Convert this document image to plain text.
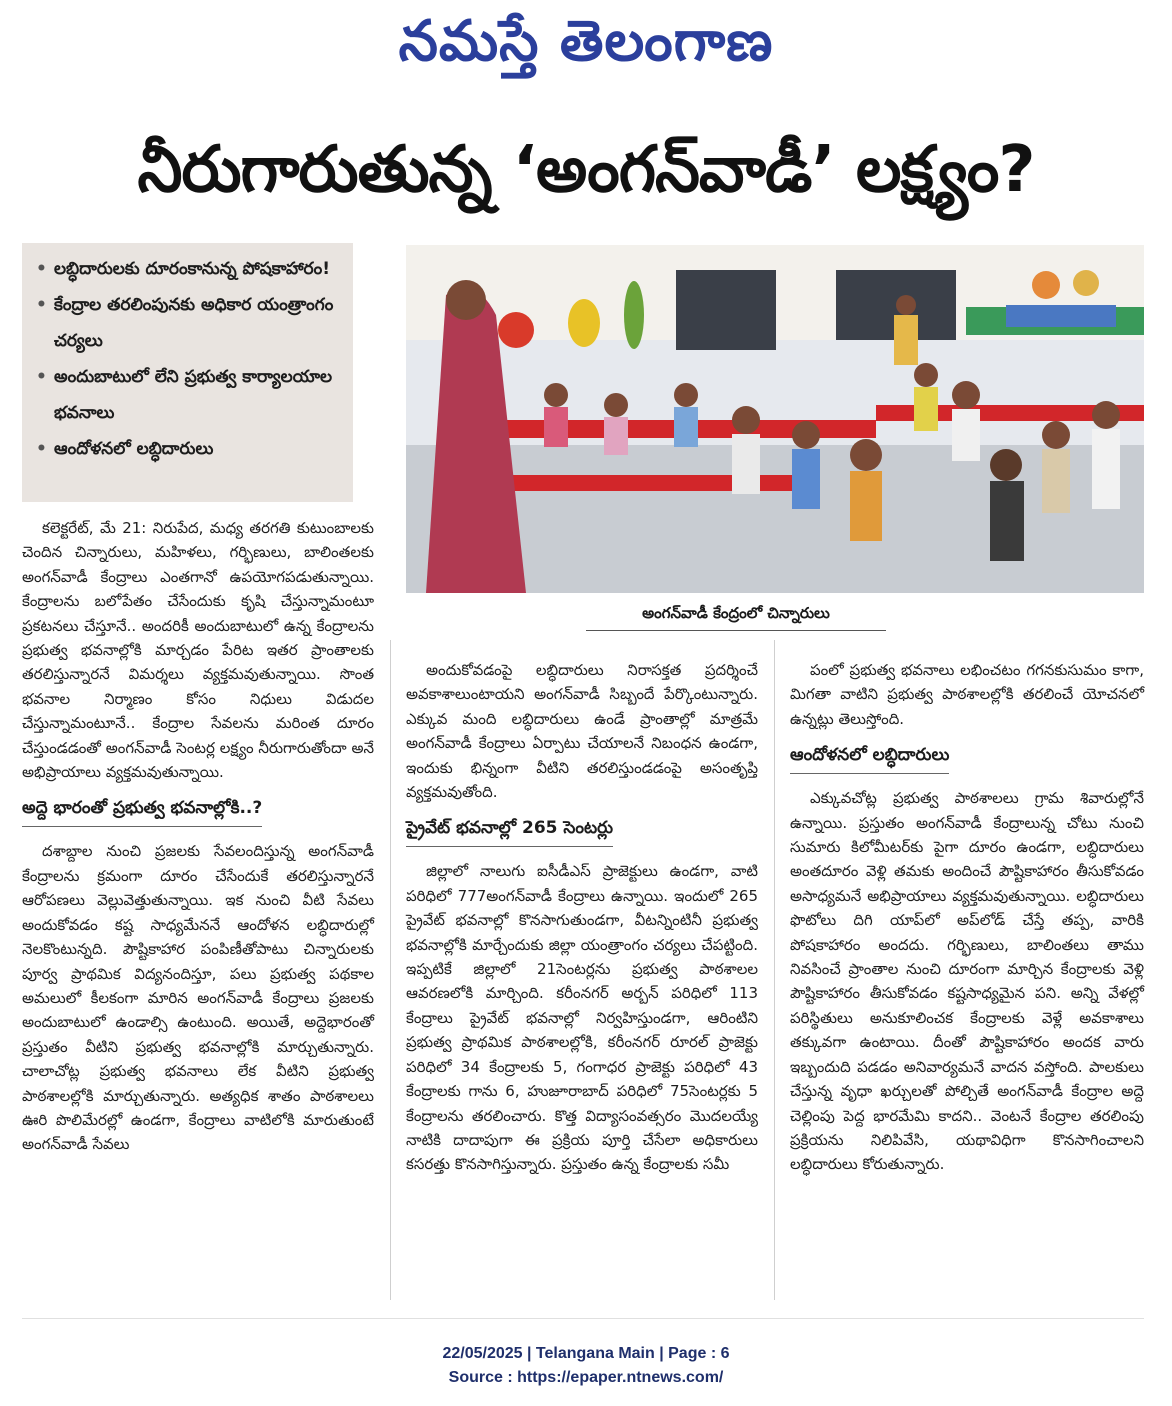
నమస్తే తెలంగాణ
నీరుగారుతున్న ‘అంగన్‌వాడీ’ లక్ష్యం?
• లబ్ధిదారులకు దూరంకానున్న పోషకాహారం!
• కేంద్రాల తరలింపునకు అధికార యంత్రాంగం చర్యలు
• అందుబాటులో లేని ప్రభుత్వ కార్యాలయాల భవనాలు
• ఆందోళనలో లబ్ధిదారులు
అంగన్‌వాడీ కేంద్రంలో చిన్నారులు

కలెక్టరేట్, మే 21: నిరుపేద, మధ్య తరగతి కుటుంబాలకు చెందిన చిన్నారులు, మహిళలు, గర్భిణులు, బాలింతలకు అంగన్‌వాడీ కేంద్రాలు ఎంతగానో ఉపయోగపడుతున్నాయి. కేంద్రాలను బలోపేతం చేసేందుకు కృషి చేస్తున్నామంటూ ప్రకటనలు చేస్తూనే.. అందరికీ అందుబాటులో ఉన్న కేంద్రాలను ప్రభుత్వ భవనాల్లోకి మార్చడం పేరిట ఇతర ప్రాంతాలకు తరలిస్తున్నారనే విమర్శలు వ్యక్తమవుతున్నాయి. సొంత భవనాల నిర్మాణం కోసం నిధులు విడుదల చేస్తున్నామంటూనే.. కేంద్రాల సేవలను మరింత దూరం చేస్తుండడంతో అంగన్‌వాడీ సెంటర్ల లక్ష్యం నీరుగారుతోందా అనే అభిప్రాయాలు వ్యక్తమవుతున్నాయి.

అద్దె భారంతో ప్రభుత్వ భవనాల్లోకి..?

దశాబ్దాల నుంచి ప్రజలకు సేవలందిస్తున్న అంగన్‌వాడీ కేంద్రాలను క్రమంగా దూరం చేసేందుకే తరలిస్తున్నారనే ఆరోపణలు వెల్లువెత్తుతున్నాయి. ఇక నుంచి వీటి సేవలు అందుకోవడం కష్ట సాధ్యమేననే ఆందోళన లబ్ధిదారుల్లో నెలకొంటున్నది. పౌష్టికాహార పంపిణీతోపాటు చిన్నారులకు పూర్వ ప్రాథమిక విద్యనందిస్తూ, పలు ప్రభుత్వ పథకాల అమలులో కీలకంగా మారిన అంగన్‌వాడీ కేంద్రాలు ప్రజలకు అందుబాటులో ఉండాల్సి ఉంటుంది. అయితే, అద్దెభారంతో ప్రస్తుతం వీటిని ప్రభుత్వ భవనాల్లోకి మార్చుతున్నారు. చాలాచోట్ల ప్రభుత్వ భవనాలు లేక వీటిని ప్రభుత్వ పాఠశాలల్లోకి మార్చుతున్నారు. అత్యధిక శాతం పాఠశాలలు ఊరి పొలిమేరల్లో ఉండగా, కేంద్రాలు వాటిలోకి మారుతుంటే అంగన్‌వాడీ సేవలు

అందుకోవడంపై లబ్ధిదారులు నిరాసక్తత ప్రదర్శించే అవకాశాలుంటాయని అంగన్‌వాడీ సిబ్బందే పేర్కొంటున్నారు. ఎక్కువ మంది లబ్ధిదారులు ఉండే ప్రాంతాల్లో మాత్రమే అంగన్‌వాడీ కేంద్రాలు ఏర్పాటు చేయాలనే నిబంధన ఉండగా, ఇందుకు భిన్నంగా వీటిని తరలిస్తుండడంపై అసంతృప్తి వ్యక్తమవుతోంది.

ప్రైవేట్ భవనాల్లో 265 సెంటర్లు

జిల్లాలో నాలుగు ఐసీడీఎస్ ప్రాజెక్టులు ఉండగా, వాటి పరిధిలో 777అంగన్‌వాడీ కేంద్రాలు ఉన్నాయి. ఇందులో 265 ప్రైవేట్ భవనాల్లో కొనసాగుతుండగా, వీటన్నింటినీ ప్రభుత్వ భవనాల్లోకి మార్చేందుకు జిల్లా యంత్రాంగం చర్యలు చేపట్టింది. ఇప్పటికే జిల్లాలో 21సెంటర్లను ప్రభుత్వ పాఠశాలల ఆవరణలోకి మార్చింది. కరీంనగర్ అర్బన్ పరిధిలో 113 కేంద్రాలు ప్రైవేట్ భవనాల్లో నిర్వహిస్తుండగా, ఆరింటిని ప్రభుత్వ ప్రాథమిక పాఠశాలల్లోకి, కరీంనగర్ రూరల్ ప్రాజెక్టు పరిధిలో 34 కేంద్రాలకు 5, గంగాధర ప్రాజెక్టు పరిధిలో 43 కేంద్రాలకు గాను 6, హుజూరాబాద్ పరిధిలో 75సెంటర్లకు 5 కేంద్రాలను తరలించారు. కొత్త విద్యాసంవత్సరం మొదలయ్యే నాటికి దాదాపుగా ఈ ప్రక్రియ పూర్తి చేసేలా అధికారులు కసరత్తు కొనసాగిస్తున్నారు. ప్రస్తుతం ఉన్న కేంద్రాలకు సమీ

పంలో ప్రభుత్వ భవనాలు లభించటం గగనకుసుమం కాగా, మిగతా వాటిని ప్రభుత్వ పాఠశాలల్లోకి తరలించే యోచనలో ఉన్నట్లు తెలుస్తోంది.

ఆందోళనలో లబ్ధిదారులు

ఎక్కువచోట్ల ప్రభుత్వ పాఠశాలలు గ్రామ శివారుల్లోనే ఉన్నాయి. ప్రస్తుతం అంగన్‌వాడీ కేంద్రాలున్న చోటు నుంచి సుమారు కిలోమీటర్‌కు పైగా దూరం ఉండగా, లబ్ధిదారులు అంతదూరం వెళ్లి తమకు అందించే పౌష్టికాహారం తీసుకోవడం అసాధ్యమనే అభిప్రాయాలు వ్యక్తమవుతున్నాయి. లబ్ధిదారులు ఫొటోలు దిగి యాప్‌లో అప్‌లోడ్ చేస్తే తప్ప, వారికి పోషకాహారం అందదు. గర్భిణులు, బాలింతలు తాము నివసించే ప్రాంతాల నుంచి దూరంగా మార్చిన కేంద్రాలకు వెళ్లి పౌష్టికాహారం తీసుకోవడం కష్టసాధ్యమైన పని. అన్ని వేళల్లో పరిస్థితులు అనుకూలించక కేంద్రాలకు వెళ్లే అవకాశాలు తక్కువగా ఉంటాయి. దీంతో పౌష్టికాహారం అందక వారు ఇబ్బందుది పడడం అనివార్యమనే వాదన వస్తోంది. పాలకులు చేస్తున్న వృధా ఖర్చులతో పోల్చితే అంగన్‌వాడీ కేంద్రాల అద్దె చెల్లింపు పెద్ద భారమేమి కాదని.. వెంటనే కేంద్రాల తరలింపు ప్రక్రియను నిలిపివేసి, యథావిధిగా కొనసాగించాలని లబ్ధిదారులు కోరుతున్నారు.

22/05/2025 | Telangana Main | Page : 6
Source : https://epaper.ntnews.com/
